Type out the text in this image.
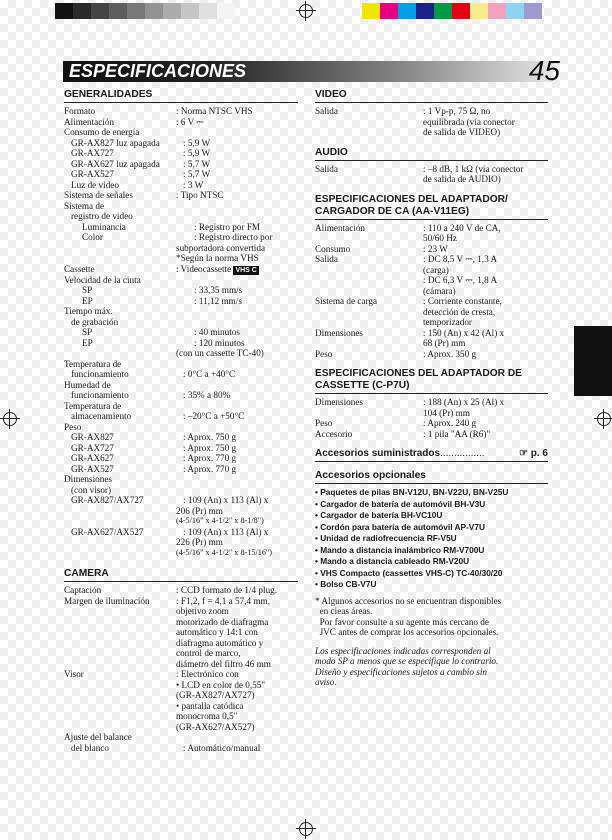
ESPECIFICACIONES	45
GENERALIDADES
Formato	: Norma NTSC VHS
Alimentación	: 6 V ⎓
Consumo de energía
GR-AX827 luz apagada	: 5,9 W
GR-AX727	: 5,9 W
GR-AX627 luz apagada	: 5,7 W
GR-AX527	: 5,7 W
Luz de video	: 3 W
Sistema de señales	: Tipo NTSC
Sistema de
registro de video
Luminancia	: Registro por FM
Color	: Registro directo por
subportadora convertida
*Según la norma VHS
Cassette	: Videocassette VHS C
Velocidad de la cinta
SP	: 33,35 mm/s
EP	: 11,12 mm/s
Tiempo máx.
de grabación
SP	: 40 minutos
EP	: 120 minutos
(con un cassette TC-40)
Temperatura de
funcionamiento	: 0°C a +40°C
Humedad de
funcionamiento	: 35% a 80%
Temperatura de
almacenamiento	: –20°C a +50°C
Peso
GR-AX827	: Aprox. 750 g
GR-AX727	: Aprox. 750 g
GR-AX627	: Aprox. 770 g
GR-AX527	: Aprox. 770 g
Dimensiones
(con visor)
GR-AX827/AX727	: 109 (An) x 113 (Al) x
206 (Pr) mm
(4-5/16" x 4-1/2" x 8-1/8")
GR-AX627/AX527	: 109 (An) x 113 (Al) x
226 (Pr) mm
(4-5/16" x 4-1/2" x 8-15/16")
CAMERA
Captación	: CCD formato de 1/4 plug.
Margen de iluminación	: F1,2, f = 4,1 a 57,4 mm,
objetivo zoom
motorizado de diafragma
automático y 14:1 con
diafragma automático y
control de marco,
diámetro del filtro 46 mm
Visor	: Electrónico con
• LCD en color de 0,55"
(GR-AX827/AX727)
• pantalla catódica
monocroma 0,5"
(GR-AX627/AX527)
Ajuste del balance
del blanco	: Automático/manual
VIDEO
Salida	: 1 Vp-p, 75 Ω, no
equilibrada (vía conector
de salida de VIDEO)
AUDIO
Salida	: –8 dB, 1 kΩ (vía conector
de salida de AUDIO)
ESPECIFICACIONES DEL ADAPTADOR/ CARGADOR DE CA (AA-V11EG)
Alimentación	: 110 a 240 V de CA,
50/60 Hz
Consumo	: 23 W
Salida	: DC 8,5 V ⎓, 1,3 A
(carga)
: DC 6,3 V ⎓, 1,8 A
(cámara)
Sistema de carga	: Corriente constante,
detección de cresta,
temporizador
Dimensiones	: 150 (An) x 42 (Al) x
68 (Pr) mm
Peso	: Aprox. 350 g
ESPECIFICACIONES DEL ADAPTADOR DE CASSETTE (C-P7U)
Dimensiones	: 188 (An) x 25 (Al) x
104 (Pr) mm
Peso	: Aprox. 240 g
Accesorio	: 1 pila "AA (R6)"
Accesorios suministrados ................	☞ p. 6
Accesorios opcionales
• Paquetes de pilas BN-V12U, BN-V22U, BN-V25U
• Cargador de batería de automóvil BH-V3U
• Cargador de batería BH-VC10U
• Cordón para batería de automóvil AP-V7U
• Unidad de radiofrecuencia RF-V5U
• Mando a distancia inalámbrico RM-V700U
• Mando a distancia cableado RM-V20U
• VHS Compacto (cassettes VHS-C) TC-40/30/20
• Bolso CB-V7U
* Algunos accesorios no se encuentran disponibles
en cieas áreas.
Por favor consulte a su agente más cercano de
JVC antes de comprar los accesorios opcionales.
Los especificaciones indicadas corresponden al
modo SP a menos que se especifique lo contrario.
Diseño y especificaciones sujetos a cambio sin
aviso.
